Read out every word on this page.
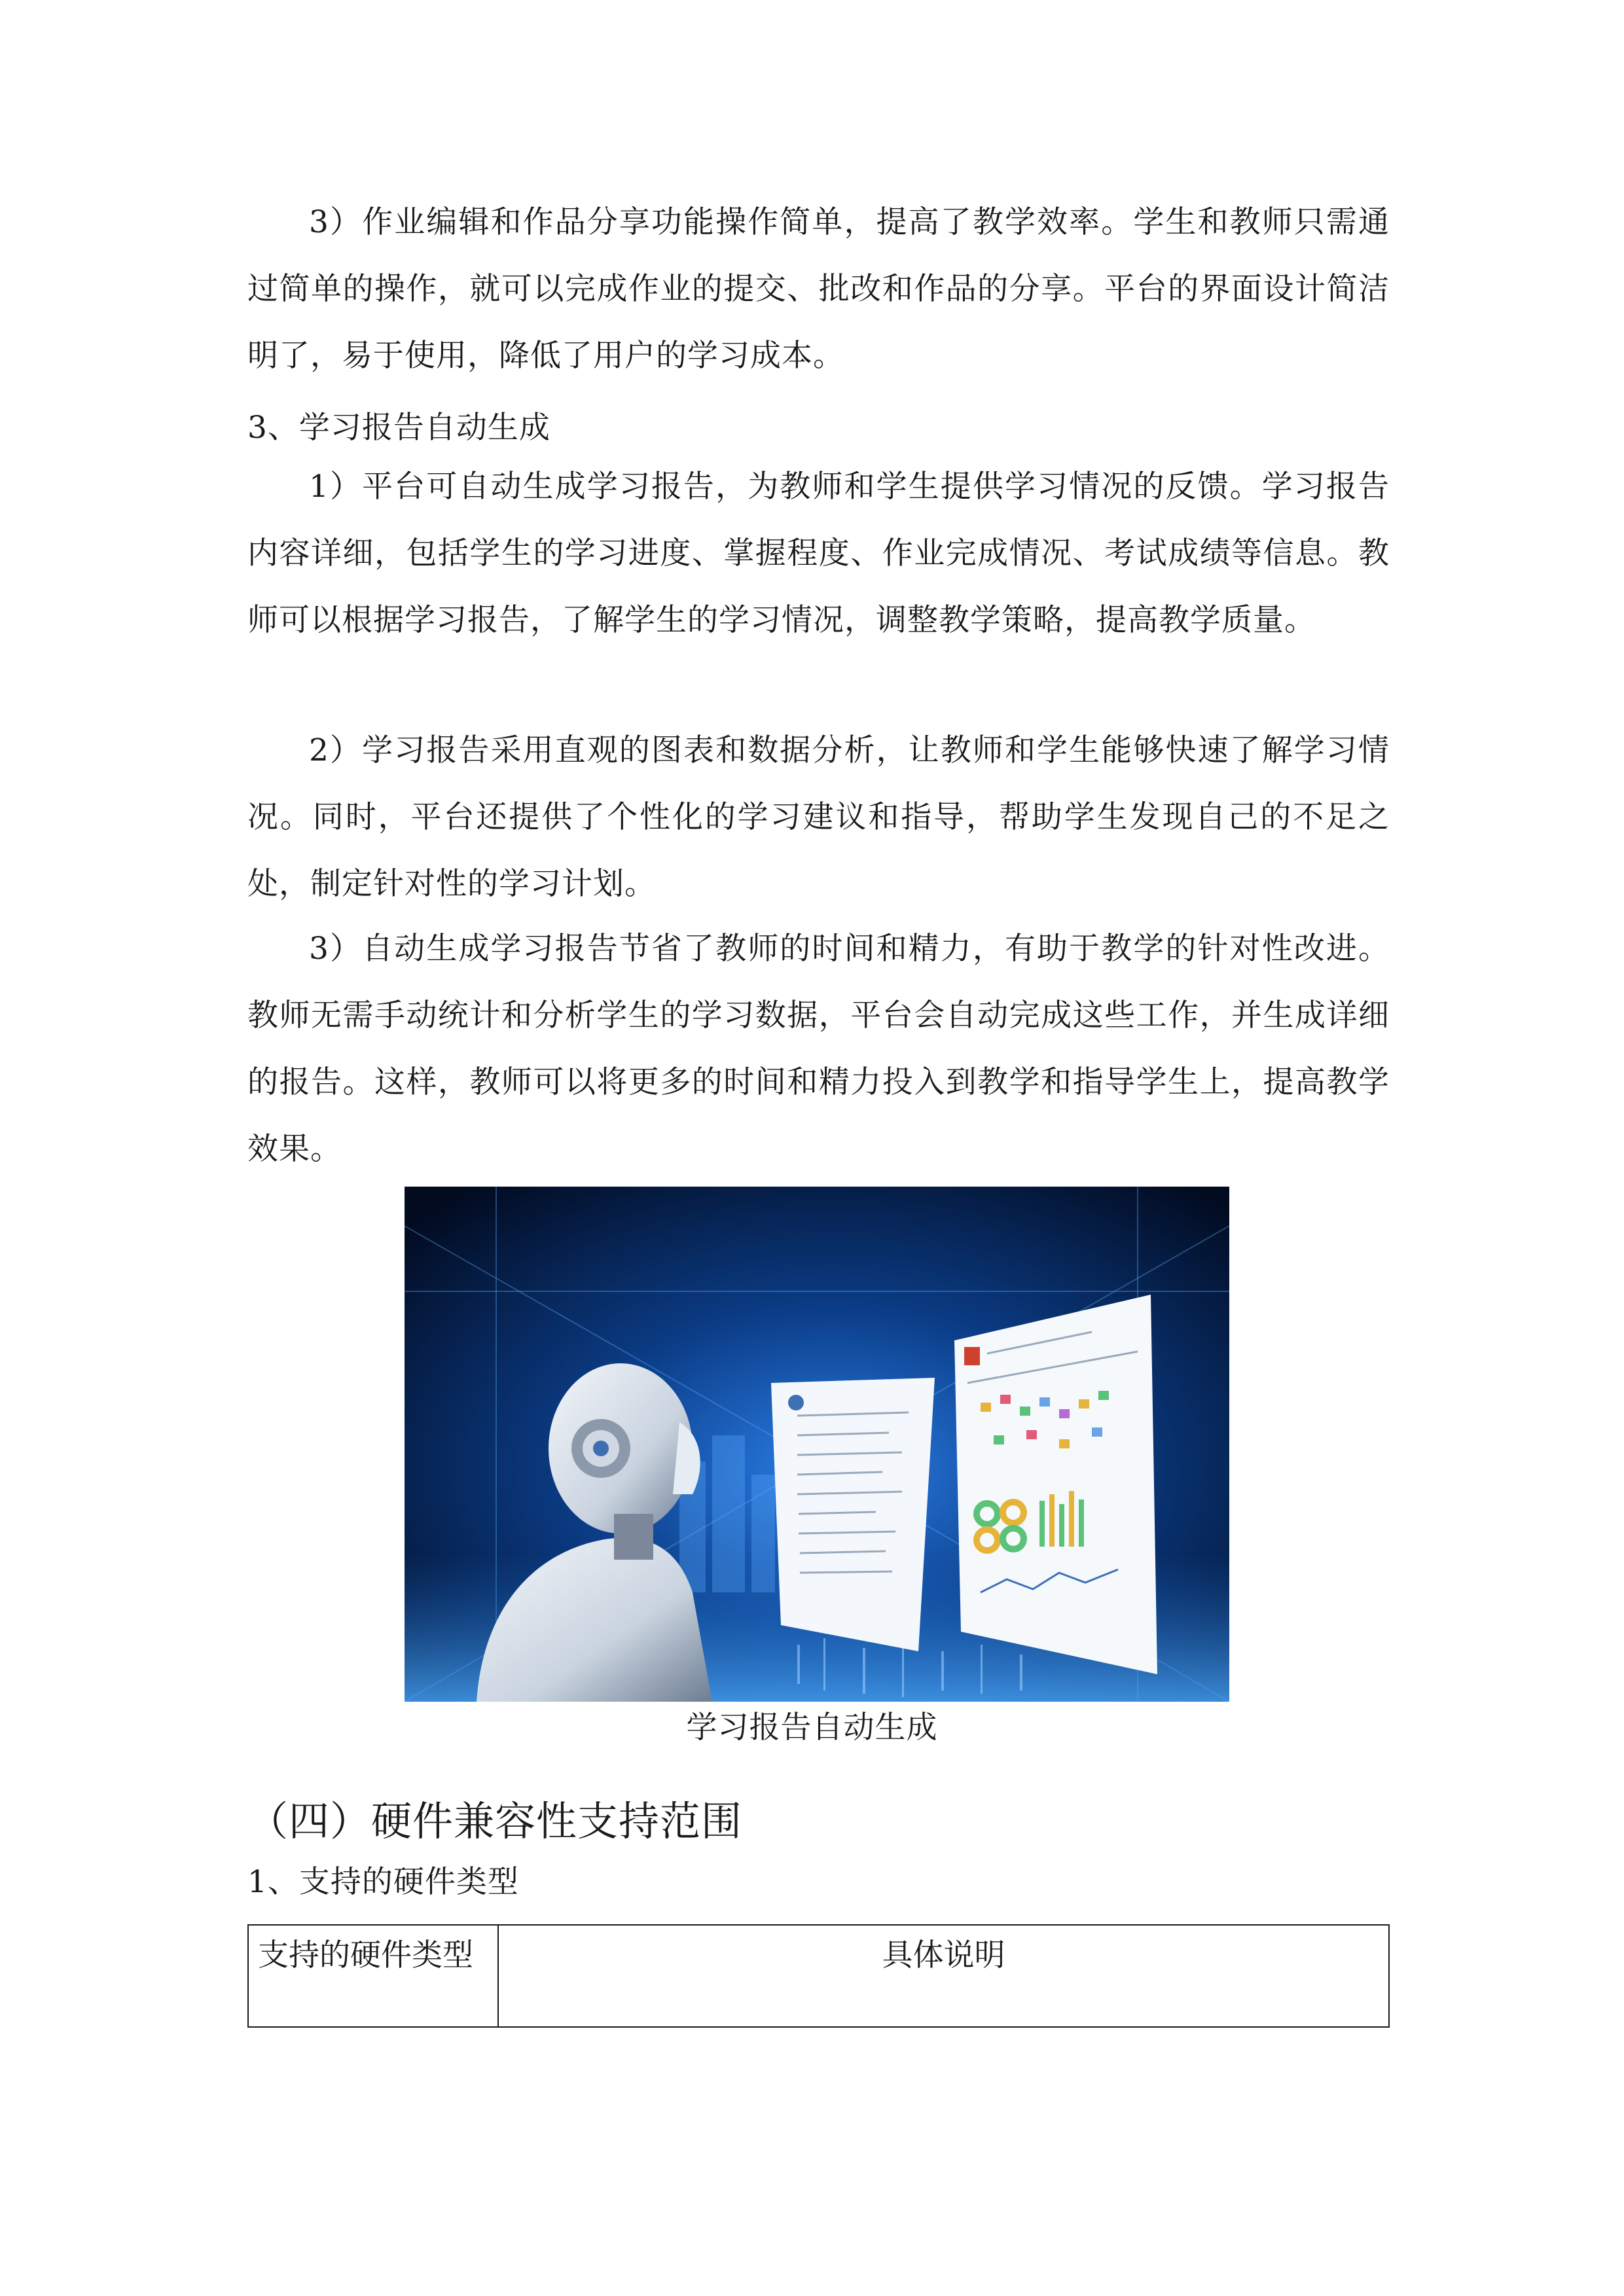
3）作业编辑和作品分享功能操作简单，提高了教学效率。学生和教师只需通过简单的操作，就可以完成作业的提交、批改和作品的分享。平台的界面设计简洁明了，易于使用，降低了用户的学习成本。

3、学习报告自动生成

1）平台可自动生成学习报告，为教师和学生提供学习情况的反馈。学习报告内容详细，包括学生的学习进度、掌握程度、作业完成情况、考试成绩等信息。教师可以根据学习报告，了解学生的学习情况，调整教学策略，提高教学质量。

2）学习报告采用直观的图表和数据分析，让教师和学生能够快速了解学习情况。同时，平台还提供了个性化的学习建议和指导，帮助学生发现自己的不足之处，制定针对性的学习计划。

3）自动生成学习报告节省了教师的时间和精力，有助于教学的针对性改进。教师无需手动统计和分析学生的学习数据，平台会自动完成这些工作，并生成详细的报告。这样，教师可以将更多的时间和精力投入到教学和指导学生上，提高教学效果。

学习报告自动生成

（四）硬件兼容性支持范围

1、支持的硬件类型

支持的硬件类型	具体说明
